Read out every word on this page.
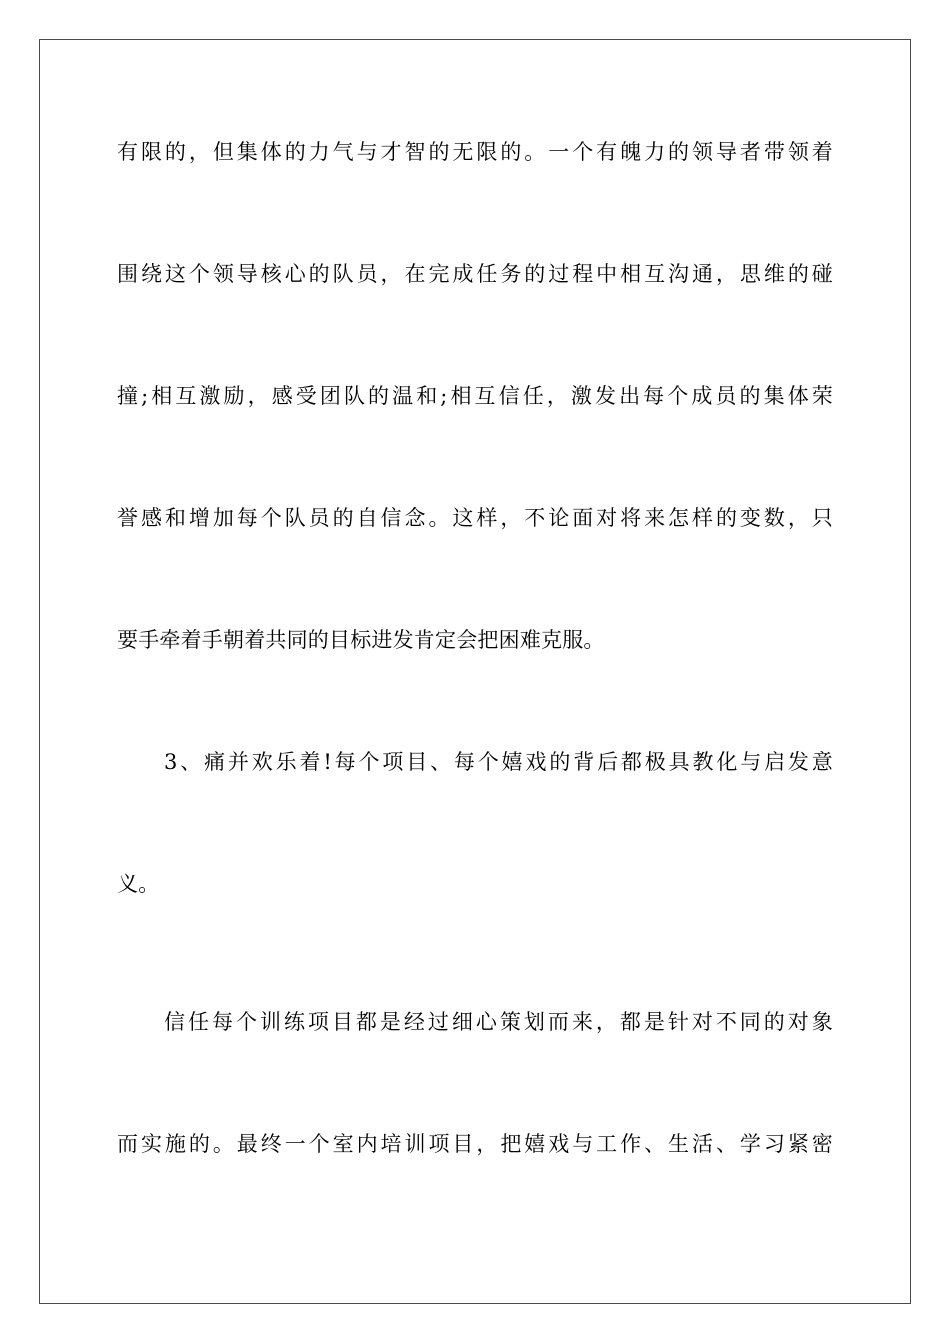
有限的，但集体的力气与才智的无限的。一个有魄力的领导者带领着
围绕这个领导核心的队员，在完成任务的过程中相互沟通，思维的碰
撞;相互激励，感受团队的温和;相互信任，激发出每个成员的集体荣
誉感和增加每个队员的自信念。这样，不论面对将来怎样的变数，只
要手牵着手朝着共同的目标进发肯定会把困难克服。
3、痛并欢乐着!每个项目、每个嬉戏的背后都极具教化与启发意
义。
信任每个训练项目都是经过细心策划而来，都是针对不同的对象
而实施的。最终一个室内培训项目，把嬉戏与工作、生活、学习紧密
